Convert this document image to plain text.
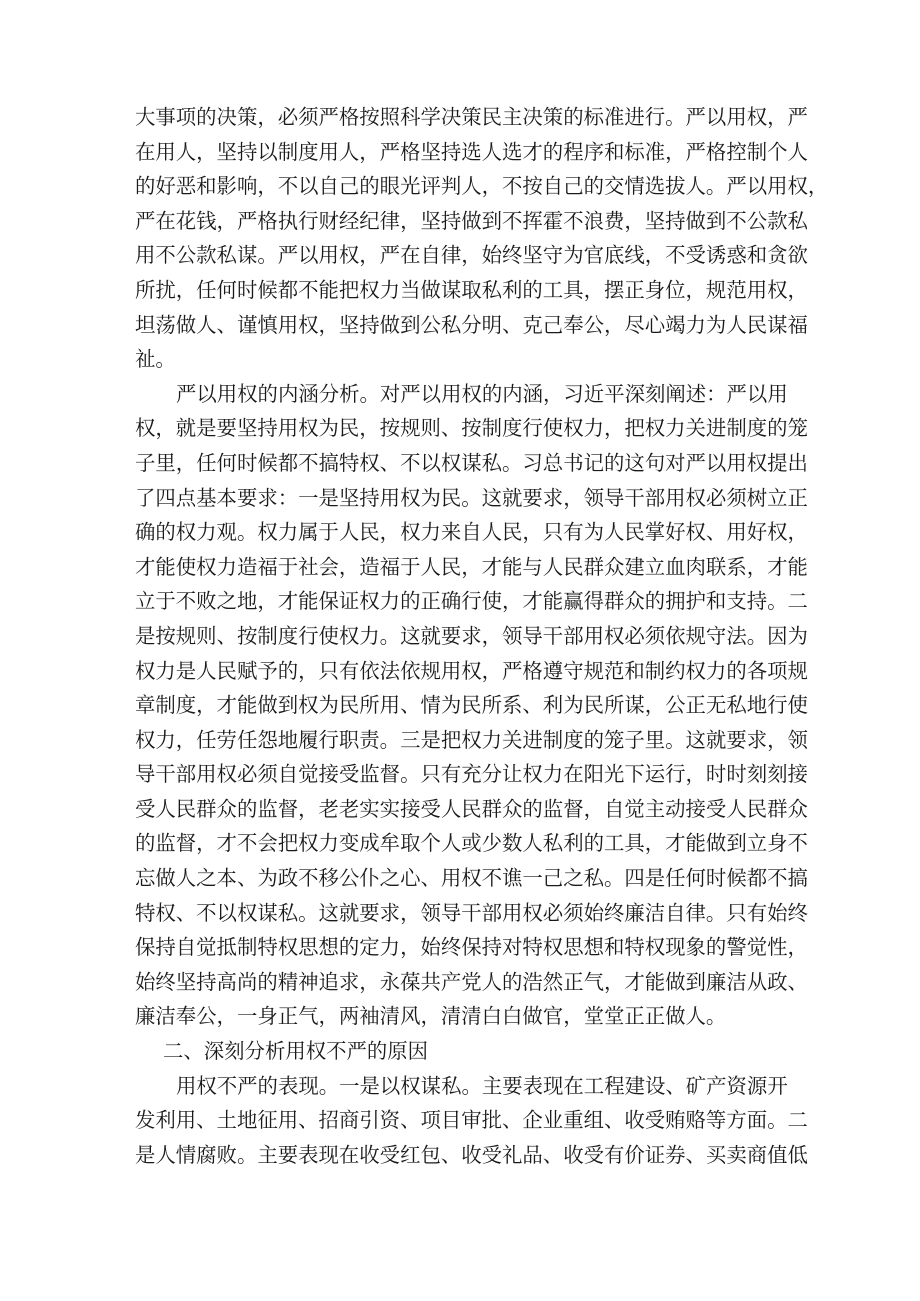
大事项的决策，必须严格按照科学决策民主决策的标准进行。严以用权，严
在用人，坚持以制度用人，严格坚持选人选才的程序和标准，严格控制个人
的好恶和影响，不以自己的眼光评判人，不按自己的交情选拔人。严以用权，
严在花钱，严格执行财经纪律，坚持做到不挥霍不浪费，坚持做到不公款私
用不公款私谋。严以用权，严在自律，始终坚守为官底线，不受诱惑和贪欲
所扰，任何时候都不能把权力当做谋取私利的工具，摆正身位，规范用权，
坦荡做人、谨慎用权，坚持做到公私分明、克己奉公，尽心竭力为人民谋福
祉。
严以用权的内涵分析。对严以用权的内涵，习近平深刻阐述：严以用
权，就是要坚持用权为民，按规则、按制度行使权力，把权力关进制度的笼
子里，任何时候都不搞特权、不以权谋私。习总书记的这句对严以用权提出
了四点基本要求：一是坚持用权为民。这就要求，领导干部用权必须树立正
确的权力观。权力属于人民，权力来自人民，只有为人民掌好权、用好权，
才能使权力造福于社会，造福于人民，才能与人民群众建立血肉联系，才能
立于不败之地，才能保证权力的正确行使，才能赢得群众的拥护和支持。二
是按规则、按制度行使权力。这就要求，领导干部用权必须依规守法。因为
权力是人民赋予的，只有依法依规用权，严格遵守规范和制约权力的各项规
章制度，才能做到权为民所用、情为民所系、利为民所谋，公正无私地行使
权力，任劳任怨地履行职责。三是把权力关进制度的笼子里。这就要求，领
导干部用权必须自觉接受监督。只有充分让权力在阳光下运行，时时刻刻接
受人民群众的监督，老老实实接受人民群众的监督，自觉主动接受人民群众
的监督，才不会把权力变成牟取个人或少数人私利的工具，才能做到立身不
忘做人之本、为政不移公仆之心、用权不谯一己之私。四是任何时候都不搞
特权、不以权谋私。这就要求，领导干部用权必须始终廉洁自律。只有始终
保持自觉抵制特权思想的定力，始终保持对特权思想和特权现象的警觉性，
始终坚持高尚的精神追求，永葆共产党人的浩然正气，才能做到廉洁从政、
廉洁奉公，一身正气，两袖清风，清清白白做官，堂堂正正做人。
二、深刻分析用权不严的原因
用权不严的表现。一是以权谋私。主要表现在工程建设、矿产资源开
发利用、土地征用、招商引资、项目审批、企业重组、收受贿赂等方面。二
是人情腐败。主要表现在收受红包、收受礼品、收受有价证券、买卖商值低
